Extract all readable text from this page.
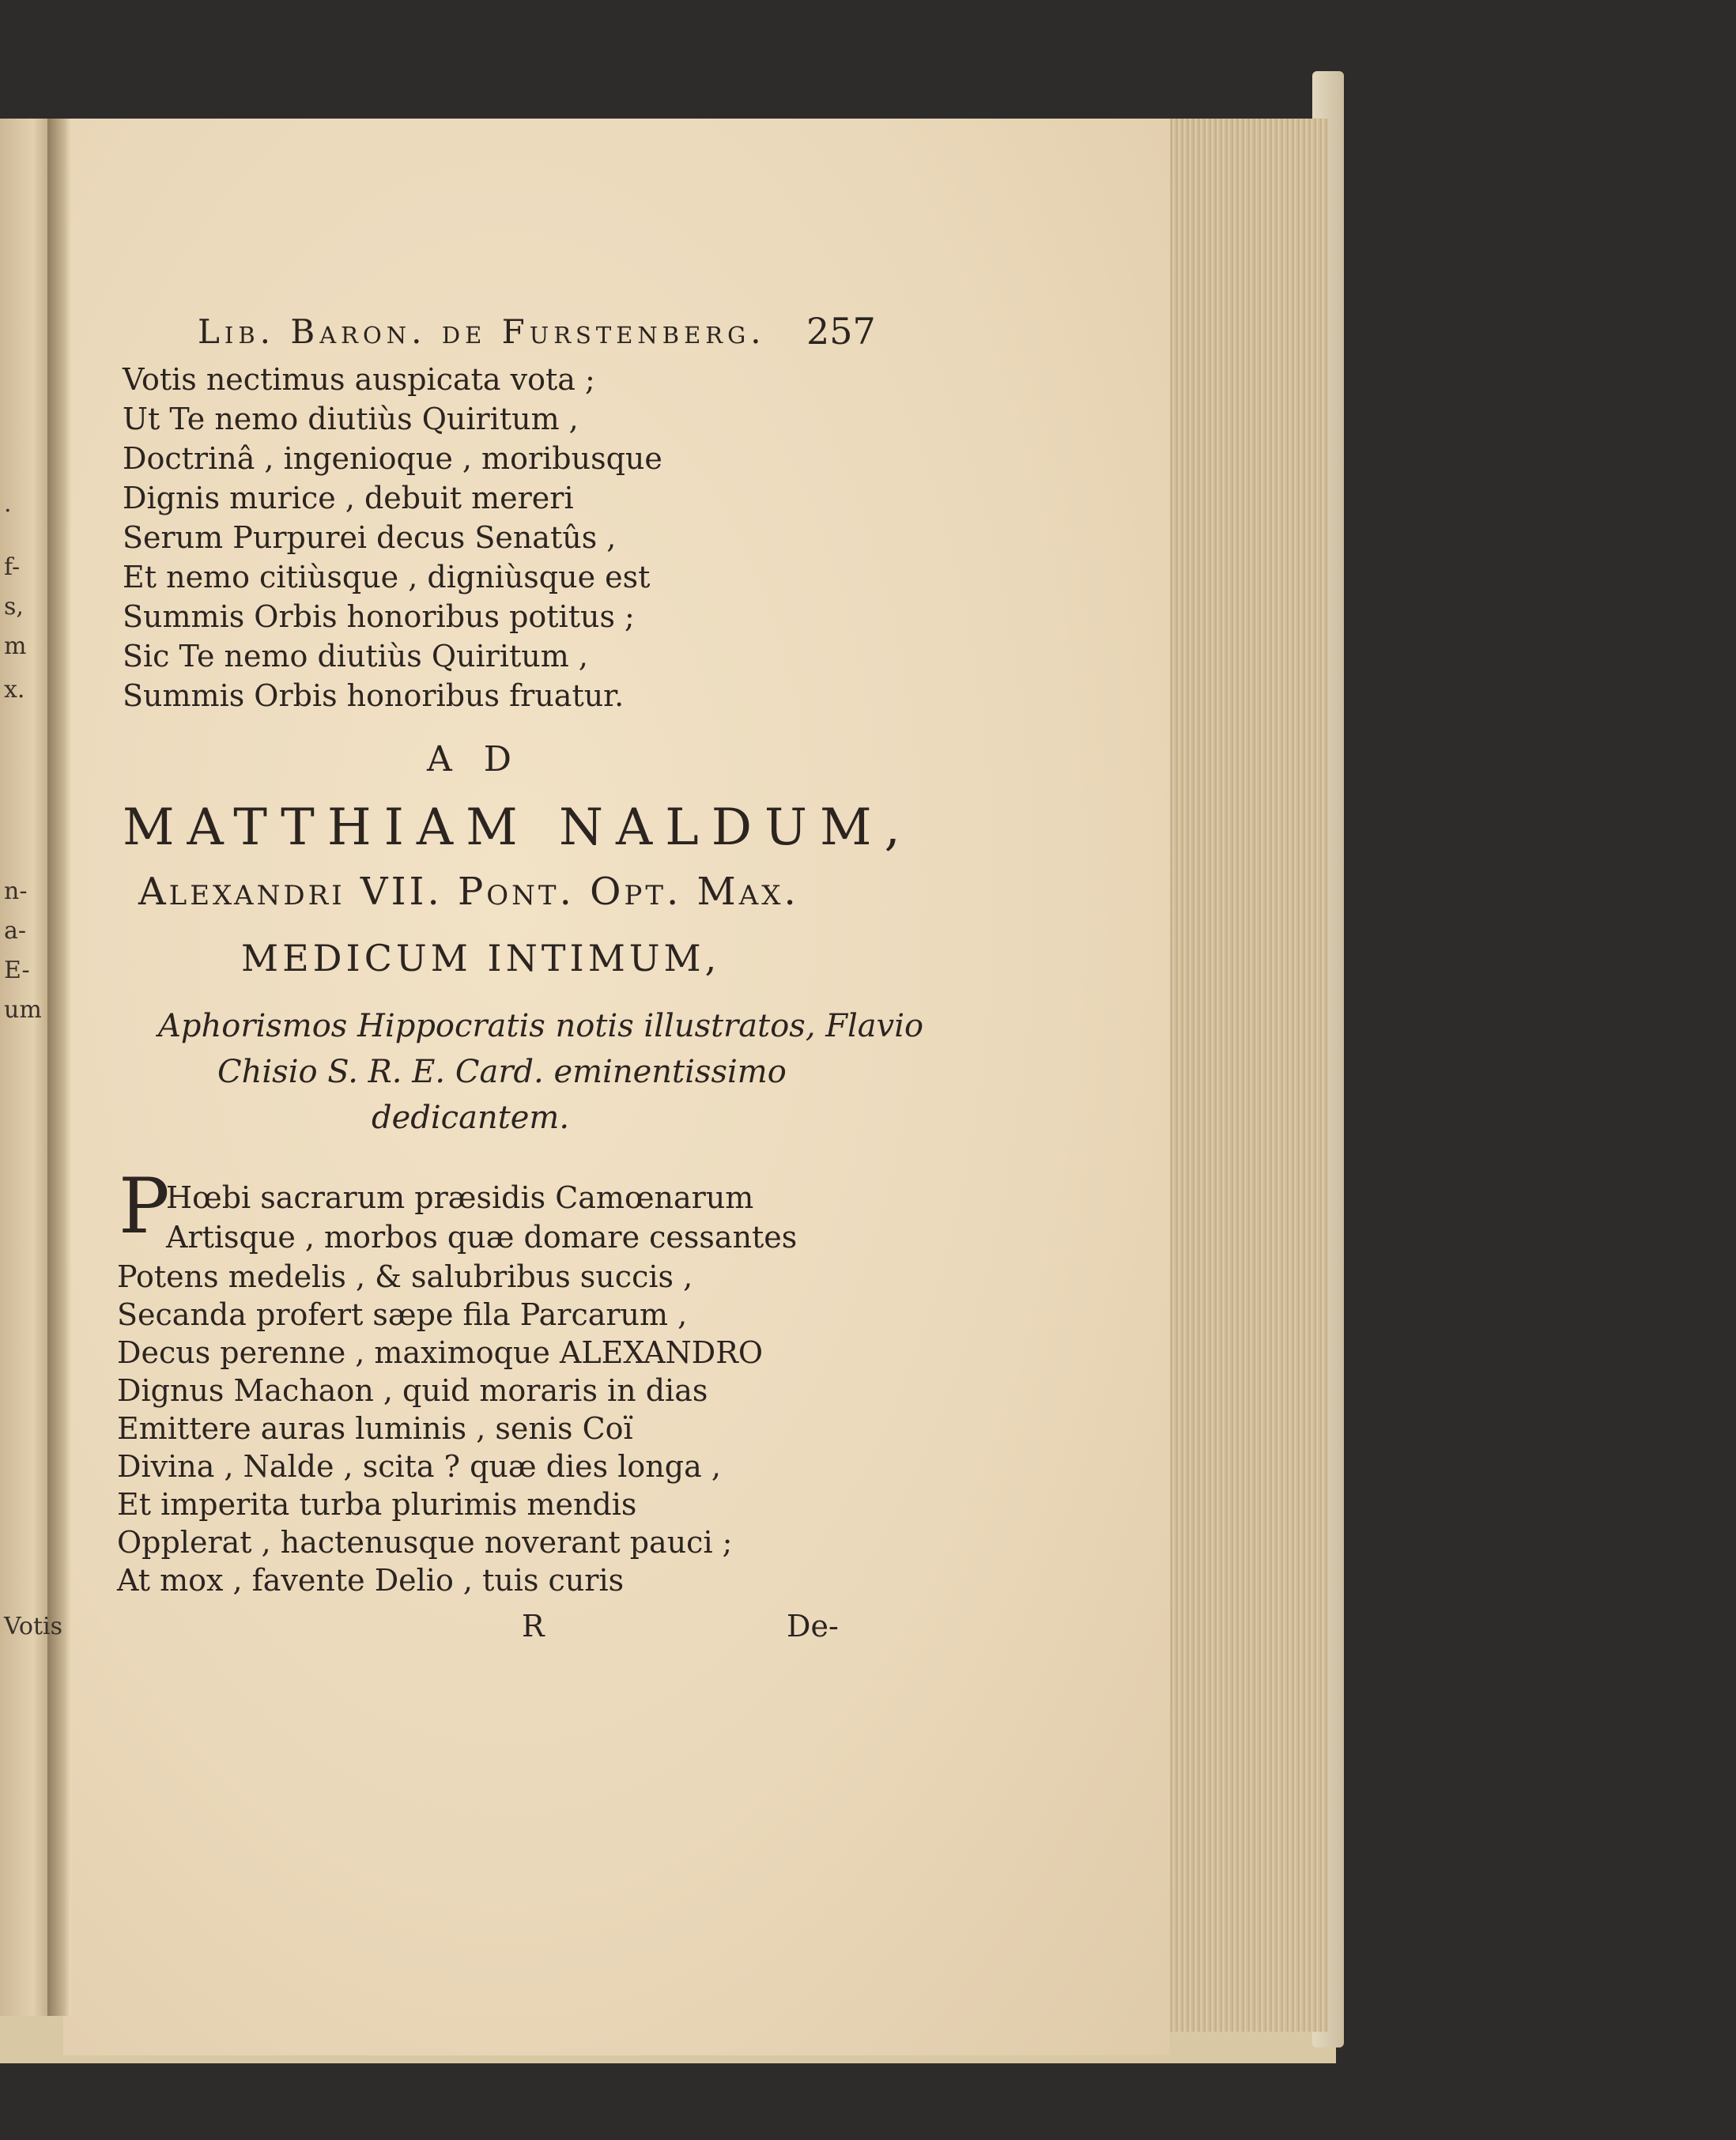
.
f-
s,
m
x.
n-
a-
E-
um
Votis
Lib. Baron. de Furstenberg. 257
Votis nectimus auspicata vota ;
Ut Te nemo diutiùs Quiritum ,
Doctrinâ , ingenioque , moribusque
Dignis murice , debuit mereri
Serum Purpurei decus Senatûs ,
Et nemo citiùsque , digniùsque est
Summis Orbis honoribus potitus ;
Sic Te nemo diutiùs Quiritum ,
Summis Orbis honoribus fruatur.
AD
MATTHIAM NALDUM,
Alexandri VII. Pont. Opt. Max.
MEDICUM INTIMUM,
Aphorismos Hippocratis notis illustratos, Flavio
Chisio S. R. E. Card. eminentissimo
dedicantem.
P
Hœbi sacrarum præsidis Camœnarum
Artisque , morbos quæ domare cessantes
Potens medelis , & salubribus succis ,
Secanda profert sæpe fila Parcarum ,
Decus perenne , maximoque ALEXANDRO
Dignus Machaon , quid moraris in dias
Emittere auras luminis , senis Coï
Divina , Nalde , scita ? quæ dies longa ,
Et imperita turba plurimis mendis
Opplerat , hactenusque noverant pauci ;
At mox , favente Delio , tuis curis
R	De-
